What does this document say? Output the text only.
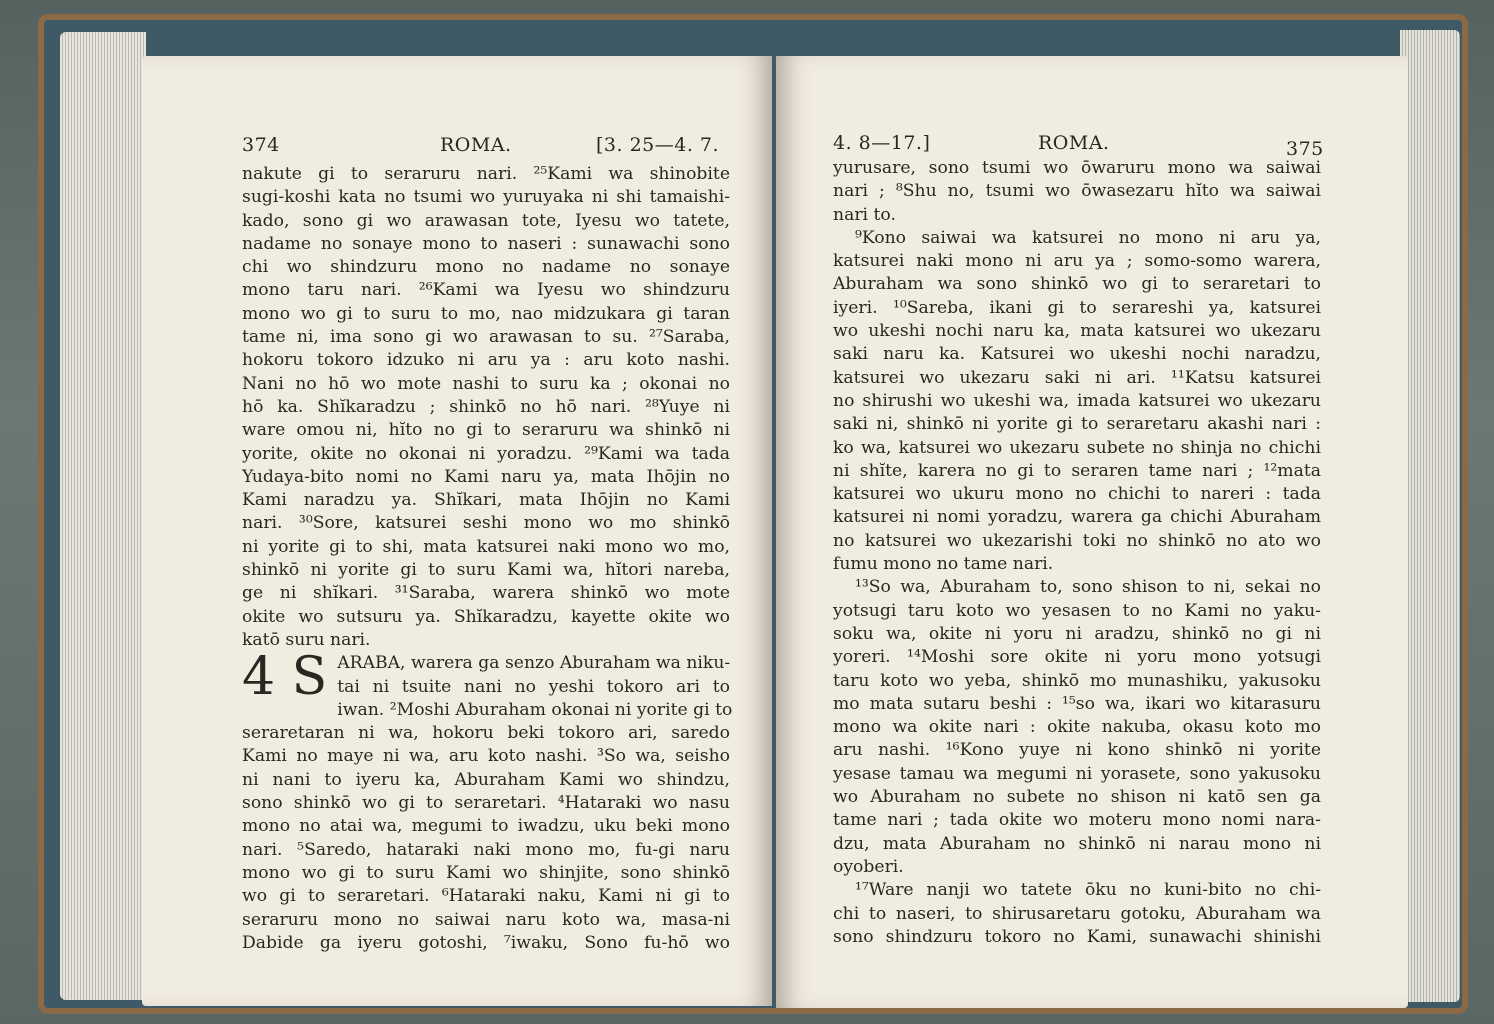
374	ROMA.	[3. 25—4. 7.
nakute gi to seraruru nari. ²⁵Kami wa shinobite
sugi-koshi kata no tsumi wo yuruyaka ni shi tamaishi-
kado, sono gi wo arawasan tote, Iyesu wo tatete,
nadame no sonaye mono to naseri : sunawachi sono
chi wo shindzuru mono no nadame no sonaye
mono taru nari. ²⁶Kami wa Iyesu wo shindzuru
mono wo gi to suru to mo, nao midzukara gi taran
tame ni, ima sono gi wo arawasan to su. ²⁷Saraba,
hokoru tokoro idzuko ni aru ya : aru koto nashi.
Nani no hō wo mote nashi to suru ka ; okonai no
hō ka. Shĭkaradzu ; shinkō no hō nari. ²⁸Yuye ni
ware omou ni, hĭto no gi to seraruru wa shinkō ni
yorite, okite no okonai ni yoradzu. ²⁹Kami wa tada
Yudaya-bito nomi no Kami naru ya, mata Ihōjin no
Kami naradzu ya. Shĭkari, mata Ihōjin no Kami
nari. ³⁰Sore, katsurei seshi mono wo mo shinkō
ni yorite gi to shi, mata katsurei naki mono wo mo,
shinkō ni yorite gi to suru Kami wa, hĭtori nareba,
ge ni shĭkari. ³¹Saraba, warera shinkō wo mote
okite wo sutsuru ya. Shĭkaradzu, kayette okite wo
katō suru nari.
4 S ARABA, warera ga senzo Aburaham wa niku-
tai ni tsuite nani no yeshi tokoro ari to
iwan. ²Moshi Aburaham okonai ni yorite gi to
seraretaran ni wa, hokoru beki tokoro ari, saredo
Kami no maye ni wa, aru koto nashi. ³So wa, seisho
ni nani to iyeru ka, Aburaham Kami wo shindzu,
sono shinkō wo gi to seraretari. ⁴Hataraki wo nasu
mono no atai wa, megumi to iwadzu, uku beki mono
nari. ⁵Saredo, hataraki naki mono mo, fu-gi naru
mono wo gi to suru Kami wo shinjite, sono shinkō
wo gi to seraretari. ⁶Hataraki naku, Kami ni gi to
seraruru mono no saiwai naru koto wa, masa-ni
Dabide ga iyeru gotoshi, ⁷iwaku, Sono fu-hō wo
4. 8—17.]	ROMA.	375
yurusare, sono tsumi wo ōwaruru mono wa saiwai
nari ; ⁸Shu no, tsumi wo ōwasezaru hĭto wa saiwai
nari to.
⁹Kono saiwai wa katsurei no mono ni aru ya,
katsurei naki mono ni aru ya ; somo-somo warera,
Aburaham wa sono shinkō wo gi to seraretari to
iyeri. ¹⁰Sareba, ikani gi to serareshi ya, katsurei
wo ukeshi nochi naru ka, mata katsurei wo ukezaru
saki naru ka. Katsurei wo ukeshi nochi naradzu,
katsurei wo ukezaru saki ni ari. ¹¹Katsu katsurei
no shirushi wo ukeshi wa, imada katsurei wo ukezaru
saki ni, shinkō ni yorite gi to seraretaru akashi nari :
ko wa, katsurei wo ukezaru subete no shinja no chichi
ni shĭte, karera no gi to seraren tame nari ; ¹²mata
katsurei wo ukuru mono no chichi to nareri : tada
katsurei ni nomi yoradzu, warera ga chichi Aburaham
no katsurei wo ukezarishi toki no shinkō no ato wo
fumu mono no tame nari.
¹³So wa, Aburaham to, sono shison to ni, sekai no
yotsugi taru koto wo yesasen to no Kami no yaku-
soku wa, okite ni yoru ni aradzu, shinkō no gi ni
yoreri. ¹⁴Moshi sore okite ni yoru mono yotsugi
taru koto wo yeba, shinkō mo munashiku, yakusoku
mo mata sutaru beshi : ¹⁵so wa, ikari wo kitarasuru
mono wa okite nari : okite nakuba, okasu koto mo
aru nashi. ¹⁶Kono yuye ni kono shinkō ni yorite
yesase tamau wa megumi ni yorasete, sono yakusoku
wo Aburaham no subete no shison ni katō sen ga
tame nari ; tada okite wo moteru mono nomi nara-
dzu, mata Aburaham no shinkō ni narau mono ni
oyoberi.
¹⁷Ware nanji wo tatete ōku no kuni-bito no chi-
chi to naseri, to shirusaretaru gotoku, Aburaham wa
sono shindzuru tokoro no Kami, sunawachi shinishi
